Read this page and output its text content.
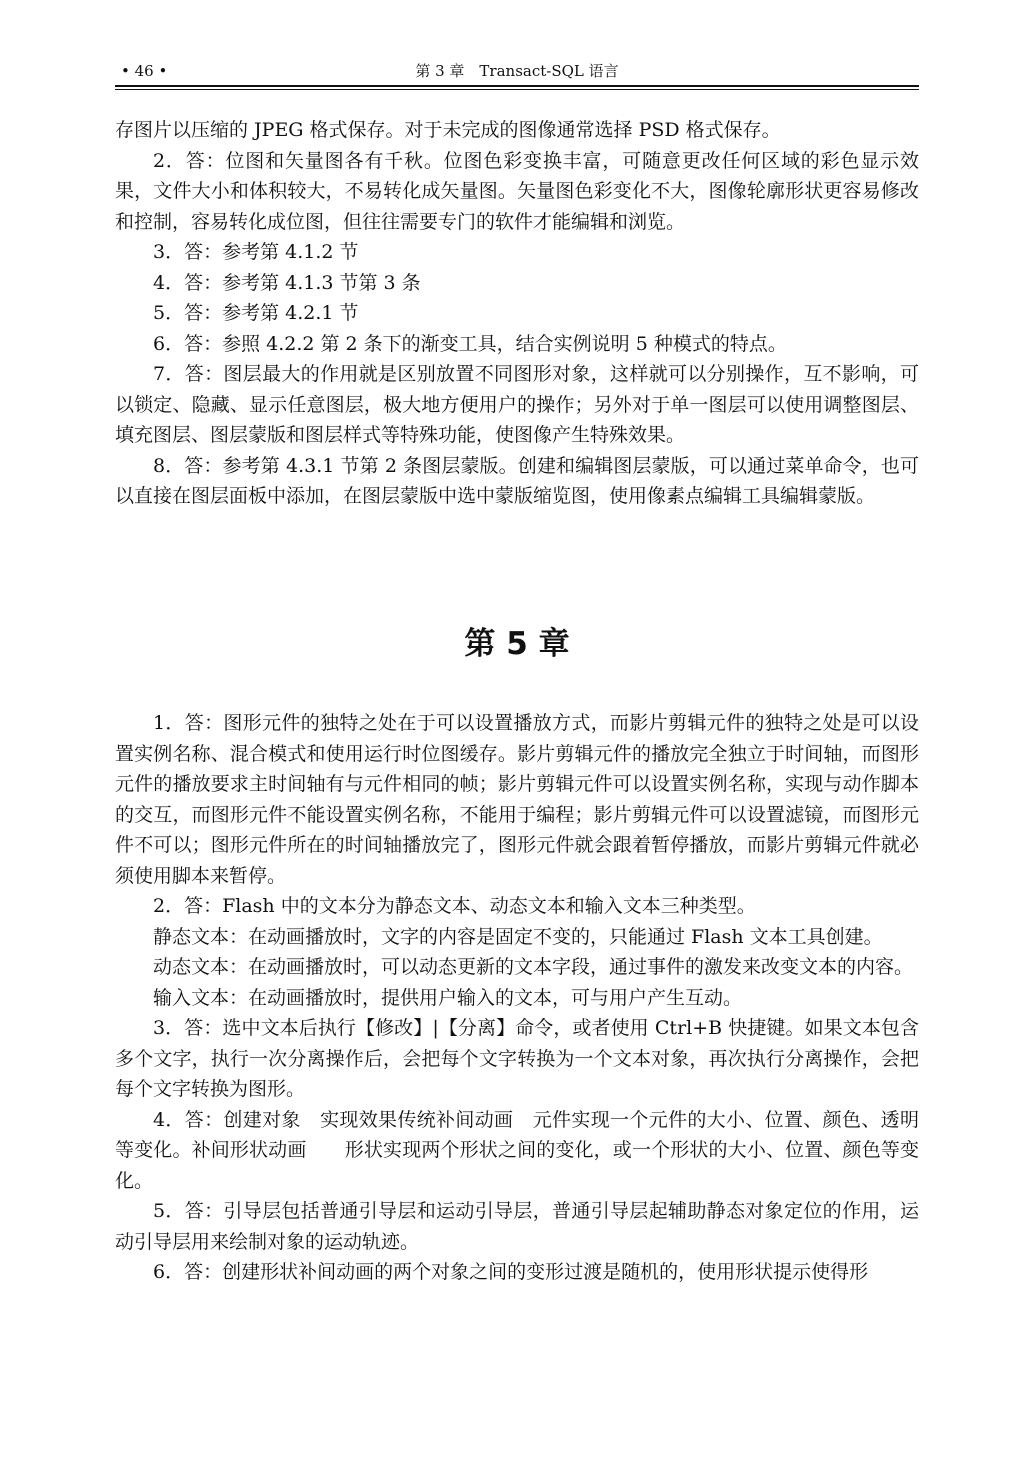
• 46 •	第 3 章　Transact-SQL 语言

存图片以压缩的 JPEG 格式保存。对于未完成的图像通常选择 PSD 格式保存。

2．答：位图和矢量图各有千秋。位图色彩变换丰富，可随意更改任何区域的彩色显示效果，文件大小和体积较大，不易转化成矢量图。矢量图色彩变化不大，图像轮廓形状更容易修改和控制，容易转化成位图，但往往需要专门的软件才能编辑和浏览。

3．答：参考第 4.1.2 节

4．答：参考第 4.1.3 节第 3 条

5．答：参考第 4.2.1 节

6．答：参照 4.2.2 第 2 条下的渐变工具，结合实例说明 5 种模式的特点。

7．答：图层最大的作用就是区别放置不同图形对象，这样就可以分别操作，互不影响，可以锁定、隐藏、显示任意图层，极大地方便用户的操作；另外对于单一图层可以使用调整图层、填充图层、图层蒙版和图层样式等特殊功能，使图像产生特殊效果。

8．答：参考第 4.3.1 节第 2 条图层蒙版。创建和编辑图层蒙版，可以通过菜单命令，也可以直接在图层面板中添加，在图层蒙版中选中蒙版缩览图，使用像素点编辑工具编辑蒙版。

第 5 章

1．答：图形元件的独特之处在于可以设置播放方式，而影片剪辑元件的独特之处是可以设置实例名称、混合模式和使用运行时位图缓存。影片剪辑元件的播放完全独立于时间轴，而图形元件的播放要求主时间轴有与元件相同的帧；影片剪辑元件可以设置实例名称，实现与动作脚本的交互，而图形元件不能设置实例名称，不能用于编程；影片剪辑元件可以设置滤镜，而图形元件不可以；图形元件所在的时间轴播放完了，图形元件就会跟着暂停播放，而影片剪辑元件就必须使用脚本来暂停。

2．答：Flash 中的文本分为静态文本、动态文本和输入文本三种类型。

静态文本：在动画播放时，文字的内容是固定不变的，只能通过 Flash 文本工具创建。

动态文本：在动画播放时，可以动态更新的文本字段，通过事件的激发来改变文本的内容。

输入文本：在动画播放时，提供用户输入的文本，可与用户产生互动。

3．答：选中文本后执行【修改】|【分离】命令，或者使用 Ctrl+B 快捷键。如果文本包含多个文字，执行一次分离操作后，会把每个文字转换为一个文本对象，再次执行分离操作，会把每个文字转换为图形。

4．答：创建对象　实现效果传统补间动画　元件实现一个元件的大小、位置、颜色、透明等变化。补间形状动画　　形状实现两个形状之间的变化，或一个形状的大小、位置、颜色等变化。

5．答：引导层包括普通引导层和运动引导层，普通引导层起辅助静态对象定位的作用，运动引导层用来绘制对象的运动轨迹。

6．答：创建形状补间动画的两个对象之间的变形过渡是随机的，使用形状提示使得形
